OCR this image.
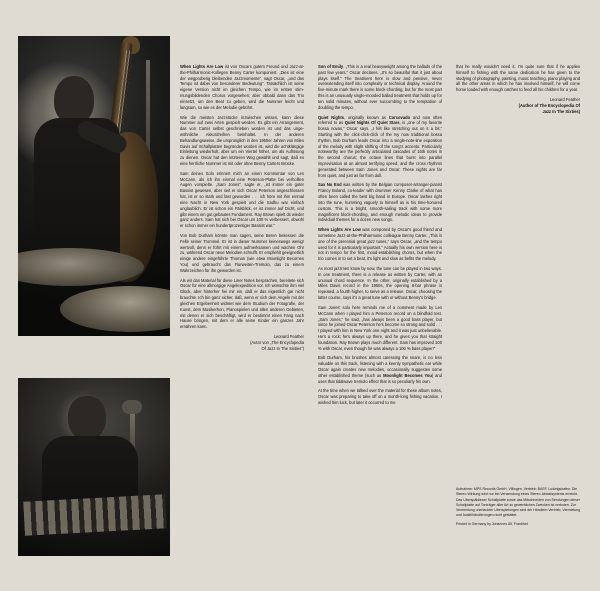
When Lights Are Low ist von Oscars gutem Freund und Jazz-at-the-Philharmonic-Kollegen Benny Carter komponiert. „Dies ist eine der wegproberig bleibenden Jazzmomente“, sagt Oscar, „und das Tempo ist dabei von besonderer Bedeutung“. Tatsächlich ist seine eigene Version nicht im gleichen Tempo, wie im ersten stimmungsbildenden Chorus vorgesehen; aber obbald dann das Trio einsetzt, um den Beat zu geben, wird die Nummer leicht und langsam, so wie es der Melodie gebührt.

Wie die meisten Jazzstücke inzwischen wissen, kann diese Nummer auf zwei Arten gespielt werden. Es gibt ein Arrangement, das von Carter selbst geschrieben worden ist und das ungewöhnliche Akkordreihen beinhaltet. In der anderen Behandlungsweise, die ursprünglich in den 1950er Jahren von Miles Davis auf Schallplatten begründet worden ist, wird die achtklängige Einleitung wiederholt, aber um ein Viertel höher, um als Auflösung zu dienen. Oscar hat den letzteren Weg gewählt und sagt, daß es eine herrliche Nummer ist mit oder ohne Benny Carters Brücke.

Sam deines Solo erinnert mich an einen Kommentar von Les McCann, als ich ihn einmal eine Peterson-Platte bei verholllen Augen vorspielte. „Sam Jones“, sagte er, „ist immer ein guter Bassist gewesen, aber seit er sich Oscar Peterson angeschlossen hat, ist er so stark und fast geworden . . . ich höre mit ihm einmal eine Nacht in New York gespielt und die Sadhu war einfach unglaublich. Er ist schon ein Fälsblick, er ist immer auf Dicht, und gibt einem ein gut gebautes Fundament. Ray Brown spielt ds wieder ganz anders. Sam hat sich bei Oscar um 100 % verbessert, obwohl er schon immer ein hundertprozentiger Bassist war.“

Von Bob Durham könnte man sagen, seine Beren bekessen die Felle seiner Trommel. Er ist in dieser Nummer keineswegs wenigr wertvoll, denn er führt mit einem aufmerksamen und wachen Ohr zu, während Oscar neue Melodien schrufft. Er empfiehlt geeignetlich einige andere eingeführte Thoman (wie etwa Moonlight Becomes You) und gebraucht das Flurweiten-Tremolo, das zu einem Wahrzeichen für ihn geworden ist.

Als wir das Material für diese Liner Notes besprachen, bereitete sich Oscar für eine allmorgige Angelexpedition vor. Ich wünschte ihm viel Glück, aber hinterher hei mir ein, daß er das eigentlich gar nicht brauchte. Ich bin ganz sicher, daß, wenn er sich dem Angeln mit der gleichen Ergebenheit widmet wie dem Studium der Fotografie, der Kunst, dem Musikerhon, Pianospielen und allen anderen Gebieten, mit denen er sich beschäftigt, wird er bestimmt einen Fang nach Hause bringen, mit dem er alle seine Kinder ein ganzes Jahr ernähren kann.

Leonard Feather
(Autor von „The Encyclopedia
Of Jazz In The Sixties“)

Son of Emily. „This is a real heavyweight among the ballads of the past few years,“ Oscar declares. „It's so beautiful that it just about plays itself.“ The treatment here is slow and pensive, never overextending itself into complexity or technical display. Around the five-minute mark there is some block-chording, but for the most part this is an unusually single-mooded ballad treatment that holds up for ten solid minutes, without ever succumbing to the temptation of doubling the tempo.

Quiet Nights, originally known as Corcovado and now often referred to as Quiet Nights Of Quiet Stars, is „one of my favorite bossa novas,“ Oscar says. „I felt like stretching out on it a bit.“ Starting with the click-click-click of the Ivy now traditional bossa rhythm, Bob Durham leads Oscar into a single-note-line exposition of the melody with slight shifting of the song's accents. Particularly noteworthy are the perfectly articulated cascades of 16th notes in the second chorus; the octave lines that burst into parallel improvisation at an almost terrifying speed; and the cross rhythms generated between Sam Jones and Oscar. These nights are far from quiet, and just as far from dull.

Sax No End was written by the Belgian composer-arranger-pianist Francy Boland, co-leader with drummer Kenny Clarke of what has often been called the best big band in Europe. Oscar lashes right into the tune, humming vaguely to himself as is his time-honored custom. This is a bright, smooth-sailing track with some more magnificent block-chording, and enough melodic ideas to provide individual themes for a dozen new songs.

When Lights Are Low was composed by Oscar's good friend and sometime Jazz-at-the-Philharmonic colleague Benny Carter. „This is one of the perennial great jazz tunes,“ says Oscar, „and the tempo used for it is particularly important.“ Actually his own version here is not in tempo for the first, mood-establishing chorus, but when the trio comes in to set a beat, it's light and slow as befits the melody.

As most jazzmen know by now, the tune can be played in two ways. In one treatment, there is a release as written by Carter, with an unusual chord sequence. In the other, originally established by a Miles Davis record in the 1950s, the opening 8-bar phrase is repeated, a fourth higher, to serve as a release. Oscar, choosing the latter course, says it's a great tune with or without Benny's bridge.

Sam Jones' solo here reminds me of a comment made by Les McCann when I played him a Peterson record on a blindfold test. „Sam Jones,“ he said, „has always been a good bass player, but since he joined Oscar Peterson he's become so strong and solid . . . I played with him in New York one night and it was just unbelievable. He's a rock; he's always up there, and he gives you that straight foundation. Ray Brown plays much different. Sam has improved 100 % with Oscar, even though he was always a 100 % bass player!“

Bob Durham, his brushes almost caressing the snare, is no less valuable on this track, listening with a keenly sympathetic ear while Oscar again creates new melodies, occasionally suggestes some other established theme (such as Moonlight Becomes You) and uses that tidalwave tremolo effect that is so peculiarly his own.

At the time when we talked over the material for these album notes, Oscar was preparing to take off on a month-long fishing vacation. I wished him luck, but later it occurred to me

that he really wouldn't need it. I'm quite sure that if he applies himself to fishing with the same dedication he has given to the studying of photography, painting, music teaching, piano playing and all the other areas in which he has involved himself, he will come home loaded with enough catches to feed all his children for a year.

Leonard Feather
(Author of The Encyclopedia Of
Jazz In The Sixties)

Aufnahme: MPS Records GmbH, Villingen, Vertrieb: BASF, Ludwigshafen. Die Stereo-Wirkung wird nur bei Verwendung eines Stereo-Abtastsystems erreicht. Das Uberspäldieser Schallplatte sowie das Mitschneiden von Sendungen dieser Schallplatte auf Tonträger aller Art zu gewerblichen Zwecken ist verboten. Zur Vermeidung unerlaubter Uberspielungen sind der Händlern Vertrieb, Vermietung und Ausleihändlerungen nicht gestattet.

Printed in Germany by Johannes Alt, Frankfurt
